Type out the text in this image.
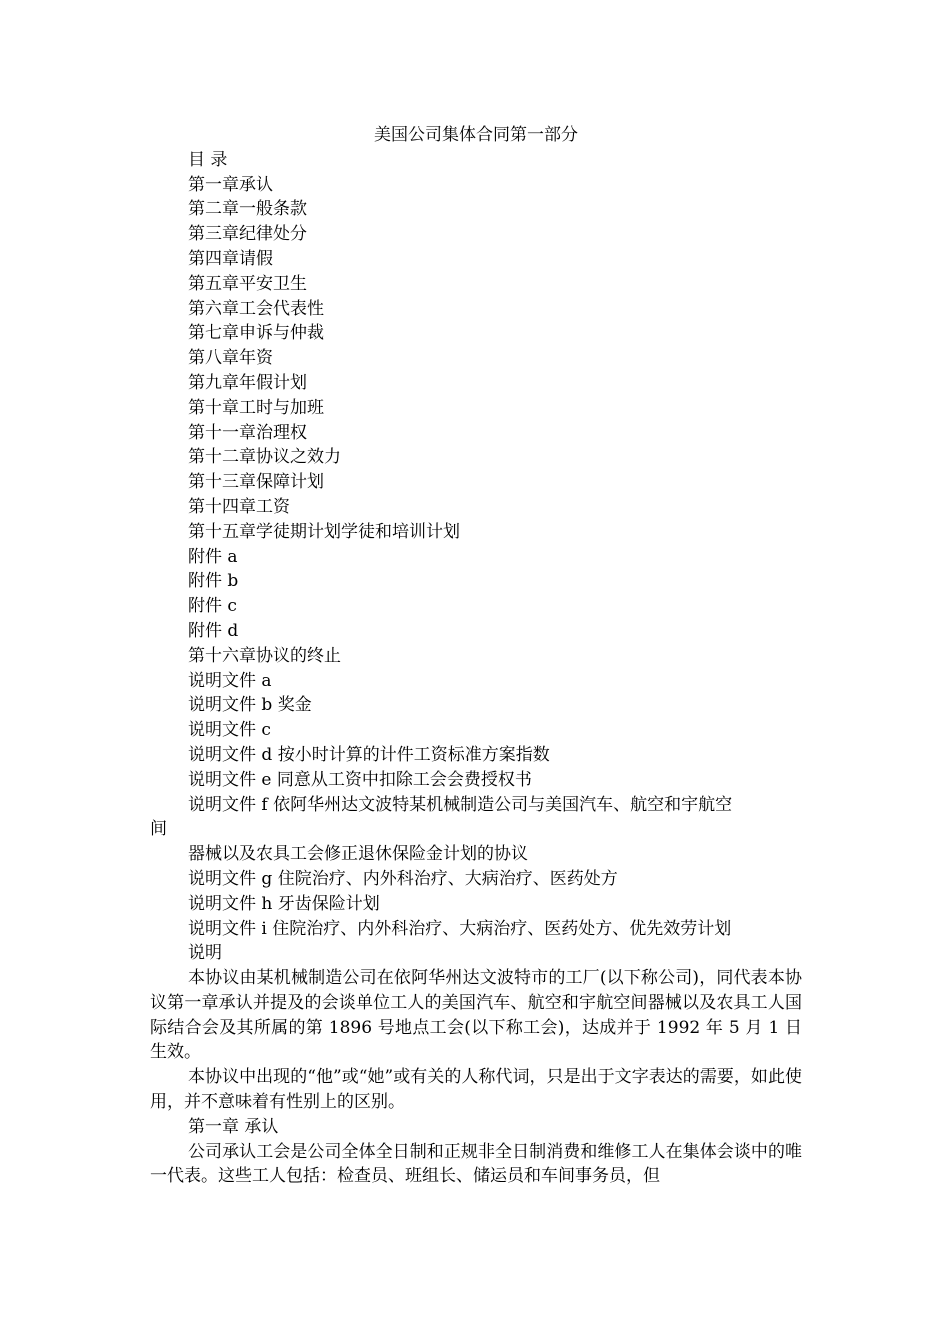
美国公司集体合同第一部分

目 录

第一章承认

第二章一般条款

第三章纪律处分

第四章请假

第五章平安卫生

第六章工会代表性

第七章申诉与仲裁

第八章年资

第九章年假计划

第十章工时与加班

第十一章治理权

第十二章协议之效力

第十三章保障计划

第十四章工资

第十五章学徒期计划学徒和培训计划

附件 a

附件 b

附件 c

附件 d

第十六章协议的终止

说明文件 a

说明文件 b 奖金

说明文件 c

说明文件 d 按小时计算的计件工资标准方案指数

说明文件 e 同意从工资中扣除工会会费授权书

说明文件 f 依阿华州达文波特某机械制造公司与美国汽车、航空和宇航空

间

器械以及农具工会修正退休保险金计划的协议

说明文件 g 住院治疗、内外科治疗、大病治疗、医药处方

说明文件 h 牙齿保险计划

说明文件 i 住院治疗、内外科治疗、大病治疗、医药处方、优先效劳计划

说明

本协议由某机械制造公司在依阿华州达文波特市的工厂(以下称公司)，同代表本协议第一章承认并提及的会谈单位工人的美国汽车、航空和宇航空间器械以及农具工人国际结合会及其所属的第 1896 号地点工会(以下称工会)，达成并于 1992 年 5 月 1 日生效。

本协议中出现的“他”或“她”或有关的人称代词，只是出于文字表达的需要，如此使用，并不意味着有性别上的区别。

第一章 承认

公司承认工会是公司全体全日制和正规非全日制消费和维修工人在集体会谈中的唯一代表。这些工人包括：检查员、班组长、储运员和车间事务员，但
